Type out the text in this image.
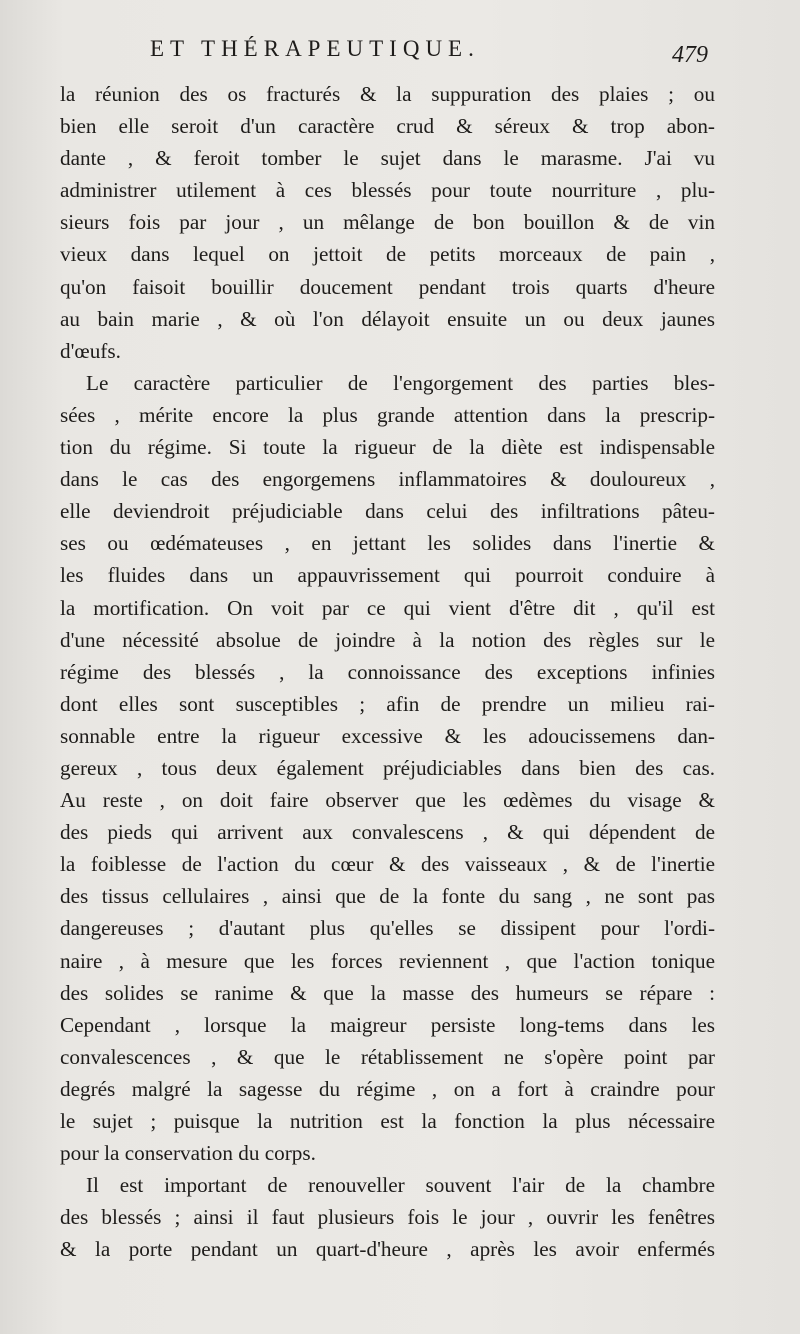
ET THÉRAPEUTIQUE.	479
la réunion des os fracturés & la suppuration des plaies ; ou
bien elle seroit d'un caractère crud & séreux & trop abon-
dante , & feroit tomber le sujet dans le marasme. J'ai vu
administrer utilement à ces blessés pour toute nourriture , plu-
sieurs fois par jour , un mêlange de bon bouillon & de vin
vieux dans lequel on jettoit de petits morceaux de pain ,
qu'on faisoit bouillir doucement pendant trois quarts d'heure
au bain marie , & où l'on délayoit ensuite un ou deux jaunes
d'œufs.
Le caractère particulier de l'engorgement des parties bles-
sées , mérite encore la plus grande attention dans la prescrip-
tion du régime. Si toute la rigueur de la diète est indispensable
dans le cas des engorgemens inflammatoires & douloureux ,
elle deviendroit préjudiciable dans celui des infiltrations pâteu-
ses ou œdémateuses , en jettant les solides dans l'inertie &
les fluides dans un appauvrissement qui pourroit conduire à
la mortification. On voit par ce qui vient d'être dit , qu'il est
d'une nécessité absolue de joindre à la notion des règles sur le
régime des blessés , la connoissance des exceptions infinies
dont elles sont susceptibles ; afin de prendre un milieu rai-
sonnable entre la rigueur excessive & les adoucissemens dan-
gereux , tous deux également préjudiciables dans bien des cas.
Au reste , on doit faire observer que les œdèmes du visage &
des pieds qui arrivent aux convalescens , & qui dépendent de
la foiblesse de l'action du cœur & des vaisseaux , & de l'inertie
des tissus cellulaires , ainsi que de la fonte du sang , ne sont pas
dangereuses ; d'autant plus qu'elles se dissipent pour l'ordi-
naire , à mesure que les forces reviennent , que l'action tonique
des solides se ranime & que la masse des humeurs se répare :
Cependant , lorsque la maigreur persiste long-tems dans les
convalescences , & que le rétablissement ne s'opère point par
degrés malgré la sagesse du régime , on a fort à craindre pour
le sujet ; puisque la nutrition est la fonction la plus nécessaire
pour la conservation du corps.
Il est important de renouveller souvent l'air de la chambre
des blessés ; ainsi il faut plusieurs fois le jour , ouvrir les fenêtres
& la porte pendant un quart-d'heure , après les avoir enfermés
